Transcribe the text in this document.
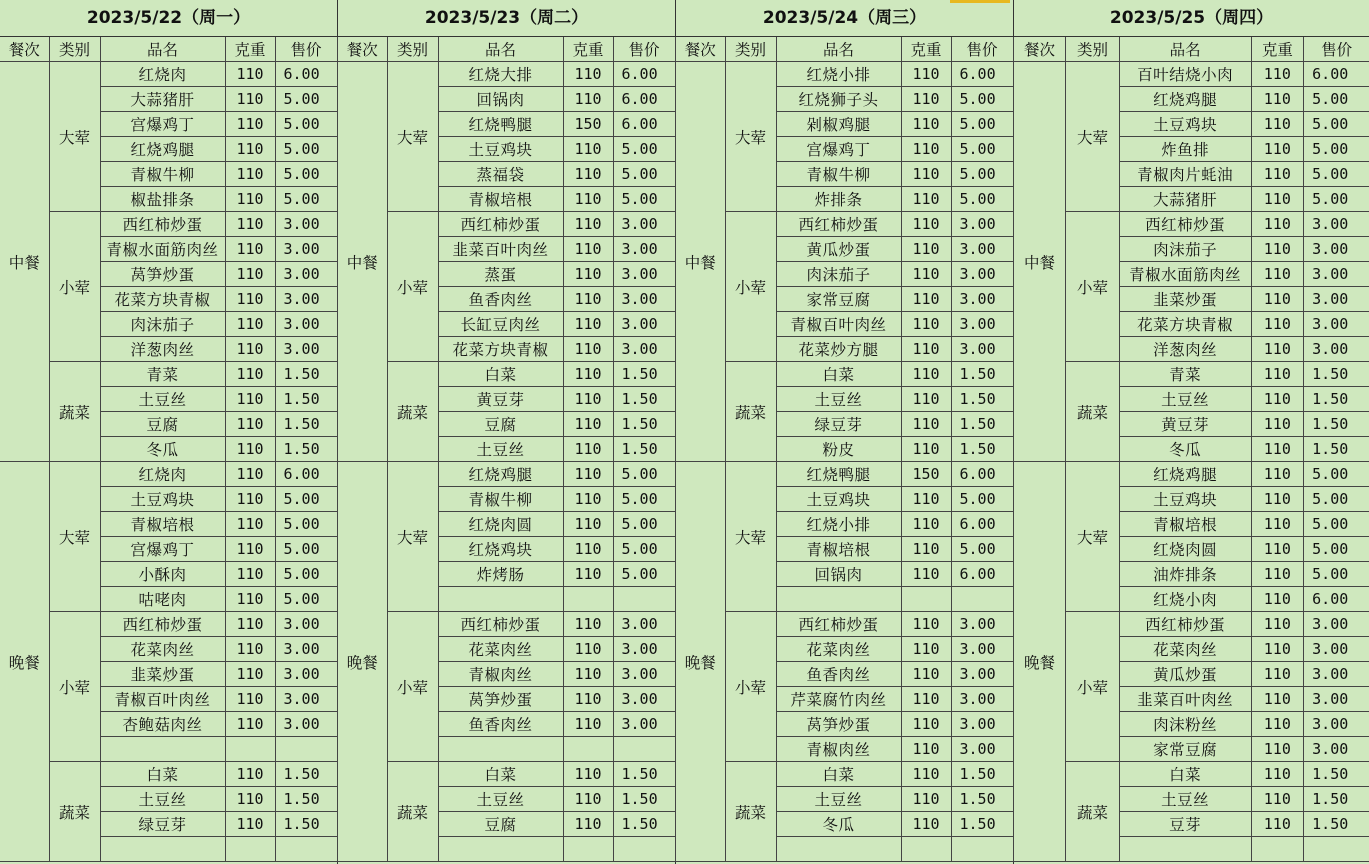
2023/5/22（周一）
餐次	类别	品名	克重	售价
中餐	大荤	红烧肉	110	6.00
		大蒜猪肝	110	5.00
		宫爆鸡丁	110	5.00
		红烧鸡腿	110	5.00
		青椒牛柳	110	5.00
		椒盐排条	110	5.00
	小荤	西红柿炒蛋	110	3.00
		青椒水面筋肉丝	110	3.00
		莴笋炒蛋	110	3.00
		花菜方块青椒	110	3.00
		肉沫茄子	110	3.00
		洋葱肉丝	110	3.00
	蔬菜	青菜	110	1.50
		土豆丝	110	1.50
		豆腐	110	1.50
		冬瓜	110	1.50
晚餐	大荤	红烧肉	110	6.00
		土豆鸡块	110	5.00
		青椒培根	110	5.00
		宫爆鸡丁	110	5.00
		小酥肉	110	5.00
		咕咾肉	110	5.00
	小荤	西红柿炒蛋	110	3.00
		花菜肉丝	110	3.00
		韭菜炒蛋	110	3.00
		青椒百叶肉丝	110	3.00
		杏鲍菇肉丝	110	3.00

	蔬菜	白菜	110	1.50
		土豆丝	110	1.50
		绿豆芽	110	1.50

2023/5/23（周二）
餐次	类别	品名	克重	售价
中餐	大荤	红烧大排	110	6.00
		回锅肉	110	6.00
		红烧鸭腿	150	6.00
		土豆鸡块	110	5.00
		蒸福袋	110	5.00
		青椒培根	110	5.00
	小荤	西红柿炒蛋	110	3.00
		韭菜百叶肉丝	110	3.00
		蒸蛋	110	3.00
		鱼香肉丝	110	3.00
		长缸豆肉丝	110	3.00
		花菜方块青椒	110	3.00
	蔬菜	白菜	110	1.50
		黄豆芽	110	1.50
		豆腐	110	1.50
		土豆丝	110	1.50
晚餐	大荤	红烧鸡腿	110	5.00
		青椒牛柳	110	5.00
		红烧肉圆	110	5.00
		红烧鸡块	110	5.00
		炸烤肠	110	5.00

	小荤	西红柿炒蛋	110	3.00
		花菜肉丝	110	3.00
		青椒肉丝	110	3.00
		莴笋炒蛋	110	3.00
		鱼香肉丝	110	3.00

	蔬菜	白菜	110	1.50
		土豆丝	110	1.50
		豆腐	110	1.50

2023/5/24（周三）
餐次	类别	品名	克重	售价
中餐	大荤	红烧小排	110	6.00
		红烧狮子头	110	5.00
		剁椒鸡腿	110	5.00
		宫爆鸡丁	110	5.00
		青椒牛柳	110	5.00
		炸排条	110	5.00
	小荤	西红柿炒蛋	110	3.00
		黄瓜炒蛋	110	3.00
		肉沫茄子	110	3.00
		家常豆腐	110	3.00
		青椒百叶肉丝	110	3.00
		花菜炒方腿	110	3.00
	蔬菜	白菜	110	1.50
		土豆丝	110	1.50
		绿豆芽	110	1.50
		粉皮	110	1.50
晚餐	大荤	红烧鸭腿	150	6.00
		土豆鸡块	110	5.00
		红烧小排	110	6.00
		青椒培根	110	5.00
		回锅肉	110	6.00

	小荤	西红柿炒蛋	110	3.00
		花菜肉丝	110	3.00
		鱼香肉丝	110	3.00
		芹菜腐竹肉丝	110	3.00
		莴笋炒蛋	110	3.00
		青椒肉丝	110	3.00
	蔬菜	白菜	110	1.50
		土豆丝	110	1.50
		冬瓜	110	1.50

2023/5/25（周四）
餐次	类别	品名	克重	售价
中餐	大荤	百叶结烧小肉	110	6.00
		红烧鸡腿	110	5.00
		土豆鸡块	110	5.00
		炸鱼排	110	5.00
		青椒肉片蚝油	110	5.00
		大蒜猪肝	110	5.00
	小荤	西红柿炒蛋	110	3.00
		肉沫茄子	110	3.00
		青椒水面筋肉丝	110	3.00
		韭菜炒蛋	110	3.00
		花菜方块青椒	110	3.00
		洋葱肉丝	110	3.00
	蔬菜	青菜	110	1.50
		土豆丝	110	1.50
		黄豆芽	110	1.50
		冬瓜	110	1.50
晚餐	大荤	红烧鸡腿	110	5.00
		土豆鸡块	110	5.00
		青椒培根	110	5.00
		红烧肉圆	110	5.00
		油炸排条	110	5.00
		红烧小肉	110	6.00
	小荤	西红柿炒蛋	110	3.00
		花菜肉丝	110	3.00
		黄瓜炒蛋	110	3.00
		韭菜百叶肉丝	110	3.00
		肉沫粉丝	110	3.00
		家常豆腐	110	3.00
	蔬菜	白菜	110	1.50
		土豆丝	110	1.50
		豆芽	110	1.50
